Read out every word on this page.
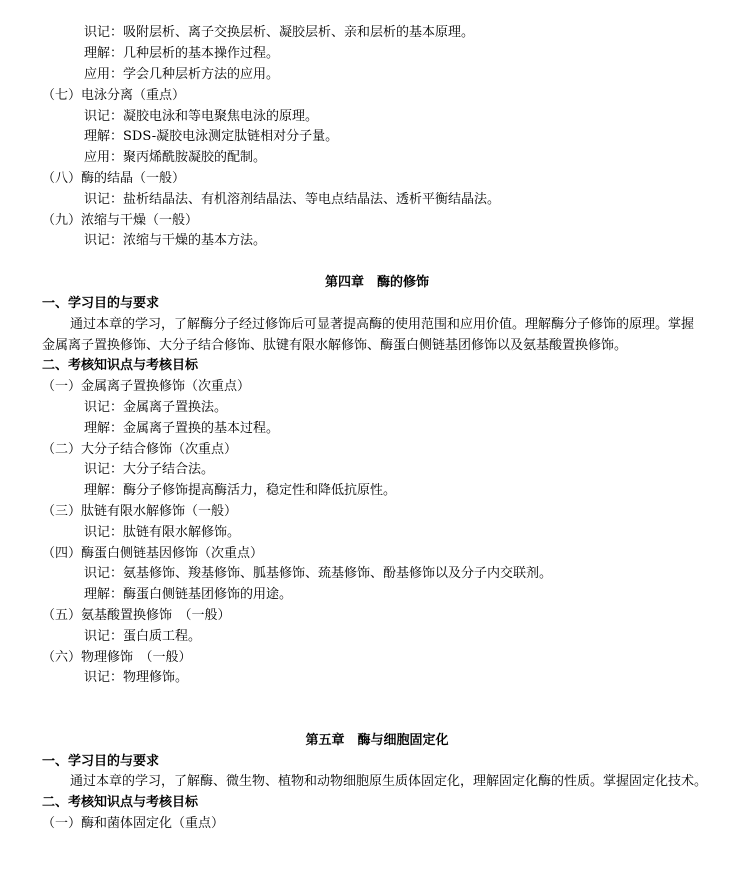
识记：吸附层析、离子交换层析、凝胶层析、亲和层析的基本原理。
理解：几种层析的基本操作过程。
应用：学会几种层析方法的应用。
（七）电泳分离（重点）
识记：凝胶电泳和等电聚焦电泳的原理。
理解：SDS-凝胶电泳测定肽链相对分子量。
应用：聚丙烯酰胺凝胶的配制。
（八）酶的结晶（一般）
识记：盐析结晶法、有机溶剂结晶法、等电点结晶法、透析平衡结晶法。
（九）浓缩与干燥（一般）
识记：浓缩与干燥的基本方法。
第四章　酶的修饰
一、学习目的与要求
通过本章的学习，了解酶分子经过修饰后可显著提高酶的使用范围和应用价值。理解酶分子修饰的原理。掌握
金属离子置换修饰、大分子结合修饰、肽键有限水解修饰、酶蛋白侧链基团修饰以及氨基酸置换修饰。
二、考核知识点与考核目标
（一）金属离子置换修饰（次重点）
识记：金属离子置换法。
理解：金属离子置换的基本过程。
（二）大分子结合修饰（次重点）
识记：大分子结合法。
理解：酶分子修饰提高酶活力，稳定性和降低抗原性。
（三）肽链有限水解修饰（一般）
识记：肽链有限水解修饰。
（四）酶蛋白侧链基因修饰（次重点）
识记：氨基修饰、羧基修饰、胍基修饰、巯基修饰、酚基修饰以及分子内交联剂。
理解：酶蛋白侧链基团修饰的用途。
（五）氨基酸置换修饰　（一般）
识记：蛋白质工程。
（六）物理修饰　（一般）
识记：物理修饰。
第五章　酶与细胞固定化
一、学习目的与要求
通过本章的学习，了解酶、微生物、植物和动物细胞原生质体固定化，理解固定化酶的性质。掌握固定化技术。
二、考核知识点与考核目标
（一）酶和菌体固定化（重点）
